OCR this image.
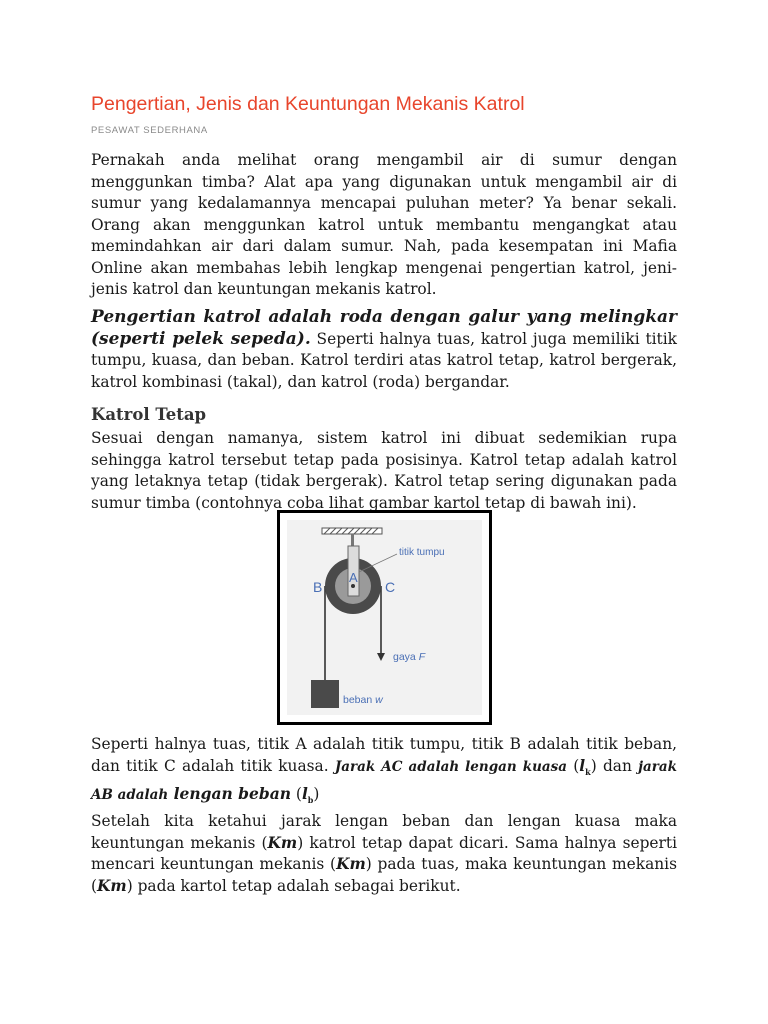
Pengertian, Jenis dan Keuntungan Mekanis Katrol
PESAWAT SEDERHANA

Pernakah anda melihat orang mengambil air di sumur dengan menggunkan timba? Alat apa yang digunakan untuk mengambil air di sumur yang kedalamannya mencapai puluhan meter? Ya benar sekali. Orang akan menggunkan katrol untuk membantu mengangkat atau memindahkan air dari dalam sumur. Nah, pada kesempatan ini Mafia Online akan membahas lebih lengkap mengenai pengertian katrol, jeni-jenis katrol dan keuntungan mekanis katrol.

Pengertian katrol adalah roda dengan galur yang melingkar (seperti pelek sepeda). Seperti halnya tuas, katrol juga memiliki titik tumpu, kuasa, dan beban. Katrol terdiri atas katrol tetap, katrol bergerak, katrol kombinasi (takal), dan katrol (roda) bergandar.

Katrol Tetap

Sesuai dengan namanya, sistem katrol ini dibuat sedemikian rupa sehingga katrol tersebut tetap pada posisinya. Katrol tetap adalah katrol yang letaknya tetap (tidak bergerak). Katrol tetap sering digunakan pada sumur timba (contohnya coba lihat gambar kartol tetap di bawah ini).

titik tumpu
B
A
C
gaya F
beban w

Seperti halnya tuas, titik A adalah titik tumpu, titik B adalah titik beban, dan titik C adalah titik kuasa. Jarak AC adalah lengan kuasa $(l_k)$ dan jarak AB adalah lengan beban $(l_b)$

Setelah kita ketahui jarak lengan beban dan lengan kuasa maka keuntungan mekanis (Km) katrol tetap dapat dicari. Sama halnya seperti mencari keuntungan mekanis (Km) pada tuas, maka keuntungan mekanis (Km) pada kartol tetap adalah sebagai berikut.
